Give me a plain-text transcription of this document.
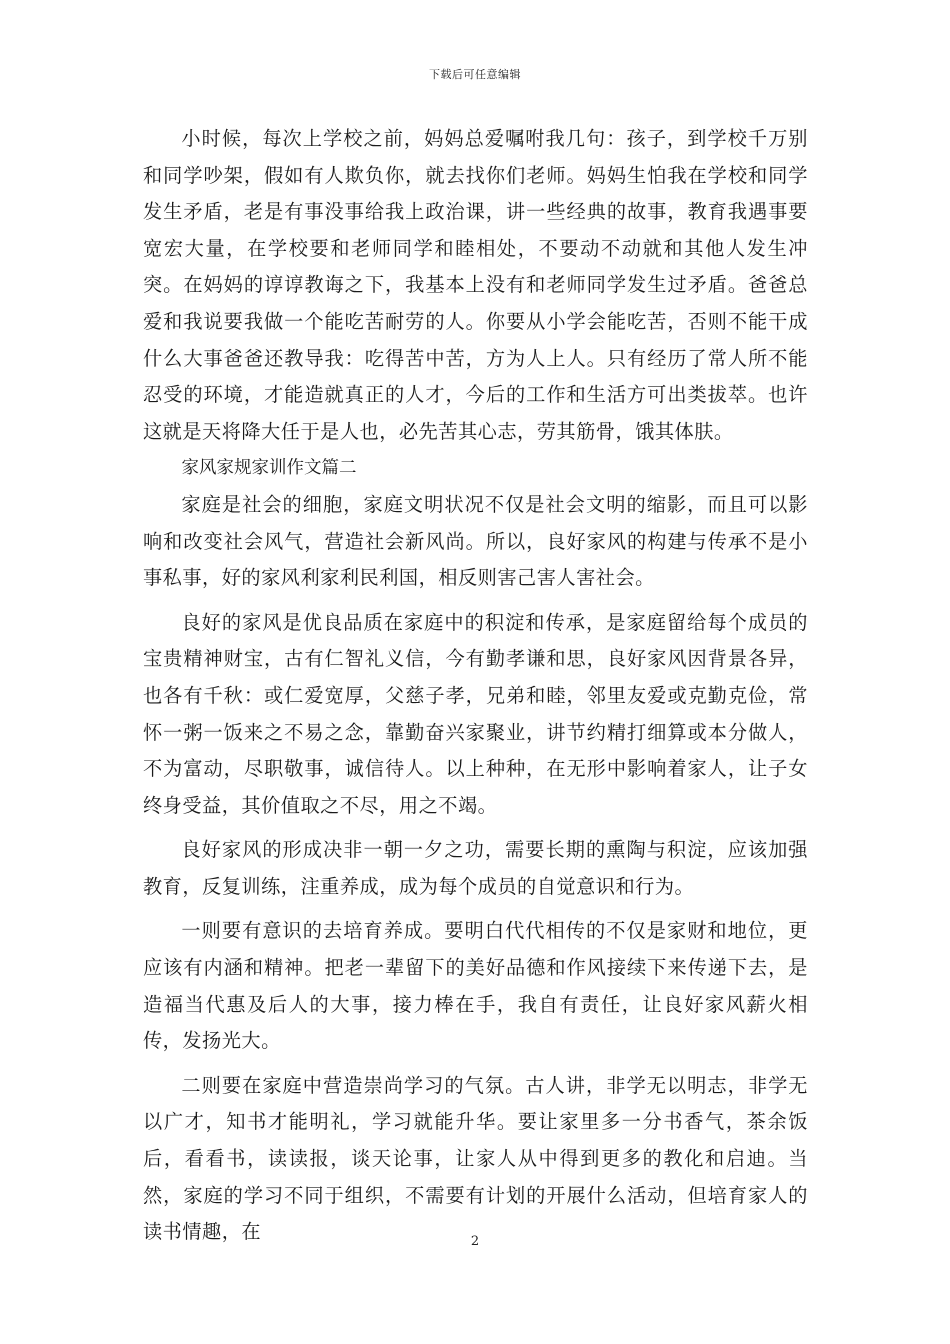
下载后可任意编辑

小时候，每次上学校之前，妈妈总爱嘱咐我几句：孩子，到学校千万别和同学吵架，假如有人欺负你，就去找你们老师。妈妈生怕我在学校和同学发生矛盾，老是有事没事给我上政治课，讲一些经典的故事，教育我遇事要宽宏大量，在学校要和老师同学和睦相处，不要动不动就和其他人发生冲突。在妈妈的谆谆教诲之下，我基本上没有和老师同学发生过矛盾。爸爸总爱和我说要我做一个能吃苦耐劳的人。你要从小学会能吃苦，否则不能干成什么大事爸爸还教导我：吃得苦中苦，方为人上人。只有经历了常人所不能忍受的环境，才能造就真正的人才，今后的工作和生活方可出类拔萃。也许这就是天将降大任于是人也，必先苦其心志，劳其筋骨，饿其体肤。

家风家规家训作文篇二

家庭是社会的细胞，家庭文明状况不仅是社会文明的缩影，而且可以影响和改变社会风气，营造社会新风尚。所以，良好家风的构建与传承不是小事私事，好的家风利家利民利国，相反则害己害人害社会。

良好的家风是优良品质在家庭中的积淀和传承，是家庭留给每个成员的宝贵精神财宝，古有仁智礼义信，今有勤孝谦和思，良好家风因背景各异，也各有千秋：或仁爱宽厚，父慈子孝，兄弟和睦，邻里友爱或克勤克俭，常怀一粥一饭来之不易之念，靠勤奋兴家聚业，讲节约精打细算或本分做人，不为富动，尽职敬事，诚信待人。以上种种，在无形中影响着家人，让子女终身受益，其价值取之不尽，用之不竭。

良好家风的形成决非一朝一夕之功，需要长期的熏陶与积淀，应该加强教育，反复训练，注重养成，成为每个成员的自觉意识和行为。

一则要有意识的去培育养成。要明白代代相传的不仅是家财和地位，更应该有内涵和精神。把老一辈留下的美好品德和作风接续下来传递下去，是造福当代惠及后人的大事，接力棒在手，我自有责任，让良好家风薪火相传，发扬光大。

二则要在家庭中营造崇尚学习的气氛。古人讲，非学无以明志，非学无以广才，知书才能明礼，学习就能升华。要让家里多一分书香气，茶余饭后，看看书，读读报，谈天论事，让家人从中得到更多的教化和启迪。当然，家庭的学习不同于组织，不需要有计划的开展什么活动，但培育家人的读书情趣，在	2
